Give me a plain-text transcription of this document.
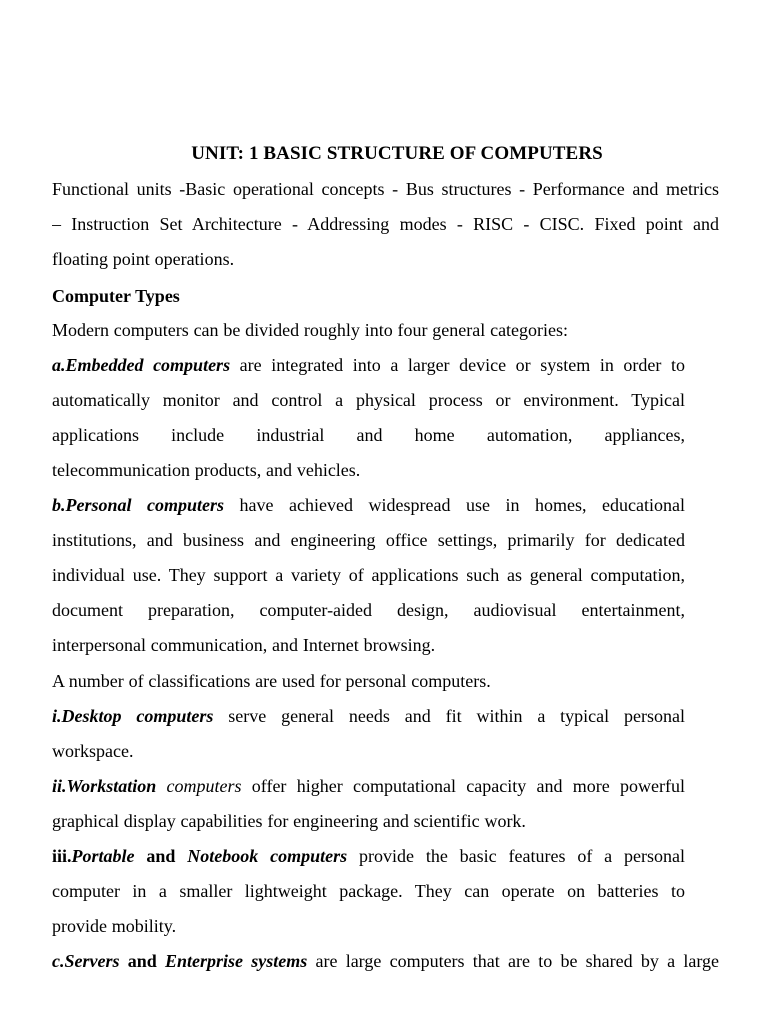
UNIT: 1 BASIC STRUCTURE OF COMPUTERS
Functional units -Basic operational concepts - Bus structures - Performance and metrics
– Instruction Set Architecture - Addressing modes - RISC - CISC. Fixed point and
floating point operations.
Computer Types
Modern computers can be divided roughly into four general categories:
a.Embedded computers are integrated into a larger device or system in order to
automatically monitor and control a physical process or environment. Typical
applications include industrial and home automation, appliances,
telecommunication products, and vehicles.
b.Personal computers have achieved widespread use in homes, educational
institutions, and business and engineering office settings, primarily for dedicated
individual use. They support a variety of applications such as general computation,
document preparation, computer-aided design, audiovisual entertainment,
interpersonal communication, and Internet browsing.
A number of classifications are used for personal computers.
i.Desktop computers serve general needs and fit within a typical personal
workspace.
ii.Workstation computers offer higher computational capacity and more powerful
graphical display capabilities for engineering and scientific work.
iii.Portable and Notebook computers provide the basic features of a personal
computer in a smaller lightweight package. They can operate on batteries to
provide mobility.
c.Servers and Enterprise systems are large computers that are to be shared by a large
